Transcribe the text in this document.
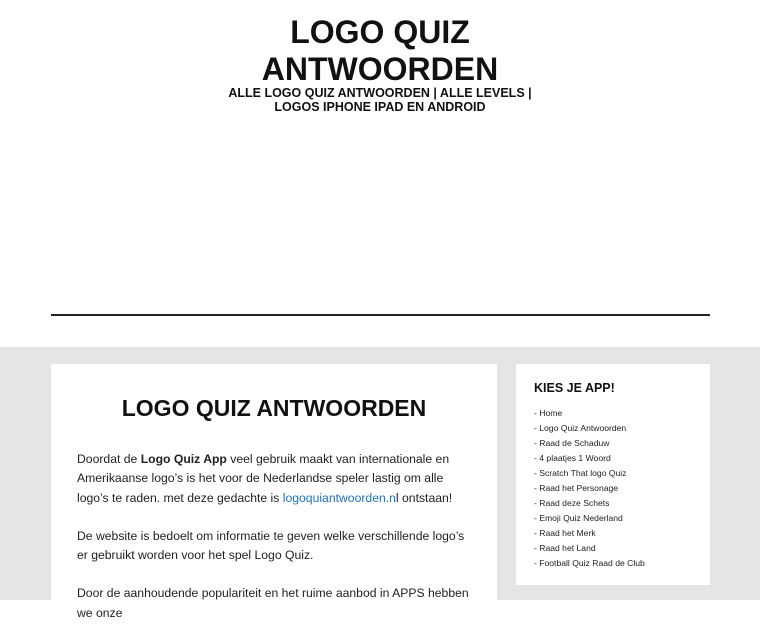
LOGO QUIZ
ANTWOORDEN
ALLE LOGO QUIZ ANTWOORDEN | ALLE LEVELS |
LOGOS IPHONE IPAD EN ANDROID
LOGO QUIZ ANTWOORDEN

Doordat de Logo Quiz App veel gebruik maakt van internationale en Amerikaanse logo’s is het voor de Nederlandse speler lastig om alle logo’s te raden. met deze gedachte is logoquiantwoorden.nl ontstaan!

De website is bedoelt om informatie te geven welke verschillende logo’s er gebruikt worden voor het spel Logo Quiz.

Door de aanhoudende populariteit en het ruime aanbod in APPS hebben we onze

KIES JE APP!
- Home
- Logo Quiz Antwoorden
- Raad de Schaduw
- 4 plaatjes 1 Woord
- Scratch That logo Quiz
- Raad het Personage
- Raad deze Schets
- Emoji Quiz Nederland
- Raad het Merk
- Raad het Land
- Football Quiz Raad de Club
